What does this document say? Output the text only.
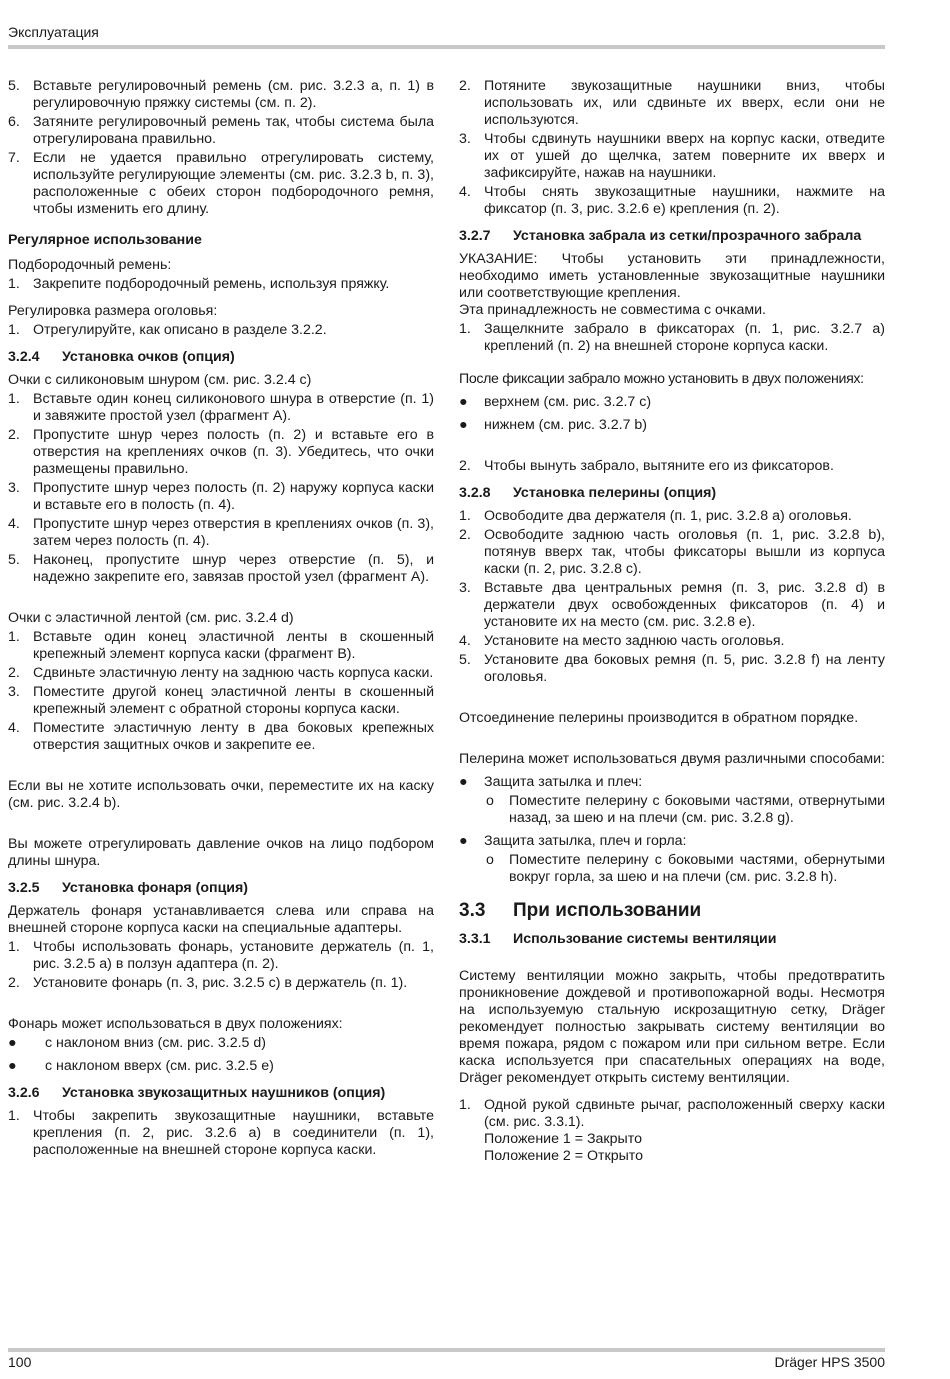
Эксплуатация
5. Вставьте регулировочный ремень (см. рис. 3.2.3 a, п. 1) в регулировочную пряжку системы (см. п. 2).
6. Затяните регулировочный ремень так, чтобы система была отрегулирована правильно.
7. Если не удается правильно отрегулировать систему, используйте регулирующие элементы (см. рис. 3.2.3 b, п. 3), расположенные с обеих сторон подбородочного ремня, чтобы изменить его длину.
Регулярное использование
Подбородочный ремень:
1. Закрепите подбородочный ремень, используя пряжку.
Регулировка размера оголовья:
1. Отрегулируйте, как описано в разделе 3.2.2.
3.2.4 Установка очков (опция)
Очки с силиконовым шнуром (см. рис. 3.2.4 c)
1. Вставьте один конец силиконового шнура в отверстие (п. 1) и завяжите простой узел (фрагмент A).
2. Пропустите шнур через полость (п. 2) и вставьте его в отверстия на креплениях очков (п. 3). Убедитесь, что очки размещены правильно.
3. Пропустите шнур через полость (п. 2) наружу корпуса каски и вставьте его в полость (п. 4).
4. Пропустите шнур через отверстия в креплениях очков (п. 3), затем через полость (п. 4).
5. Наконец, пропустите шнур через отверстие (п. 5), и надежно закрепите его, завязав простой узел (фрагмент A).
Очки с эластичной лентой (см. рис. 3.2.4 d)
1. Вставьте один конец эластичной ленты в скошенный крепежный элемент корпуса каски (фрагмент B).
2. Сдвиньте эластичную ленту на заднюю часть корпуса каски.
3. Поместите другой конец эластичной ленты в скошенный крепежный элемент с обратной стороны корпуса каски.
4. Поместите эластичную ленту в два боковых крепежных отверстия защитных очков и закрепите ее.

Если вы не хотите использовать очки, переместите их на каску (см. рис. 3.2.4 b).

Вы можете отрегулировать давление очков на лицо подбором длины шнура.

3.2.5 Установка фонаря (опция)

Держатель фонаря устанавливается слева или справа на внешней стороне корпуса каски на специальные адаптеры.

1. Чтобы использовать фонарь, установите держатель (п. 1, рис. 3.2.5 a) в ползун адаптера (п. 2).
2. Установите фонарь (п. 3, рис. 3.2.5 c) в держатель (п. 1).
Фонарь может использоваться в двух положениях:
● с наклоном вниз (см. рис. 3.2.5 d)
● с наклоном вверх (см. рис. 3.2.5 e)
3.2.6 Установка звукозащитных наушников (опция)
1. Чтобы закрепить звукозащитные наушники, вставьте крепления (п. 2, рис. 3.2.6 a) в соединители (п. 1), расположенные на внешней стороне корпуса каски.
2. Потяните звукозащитные наушники вниз, чтобы использовать их, или сдвиньте их вверх, если они не используются.
3. Чтобы сдвинуть наушники вверх на корпус каски, отведите их от ушей до щелчка, затем поверните их вверх и зафиксируйте, нажав на наушники.
4. Чтобы снять звукозащитные наушники, нажмите на фиксатор (п. 3, рис. 3.2.6 e) крепления (п. 2).
3.2.7 Установка забрала из сетки/прозрачного забрала

УКАЗАНИЕ: Чтобы установить эти принадлежности, необходимо иметь установленные звукозащитные наушники или соответствующие крепления.

Эта принадлежность не совместима с очками.
1. Защелкните забрало в фиксаторах (п. 1, рис. 3.2.7 a) креплений (п. 2) на внешней стороне корпуса каски.
После фиксации забрало можно установить в двух положениях:
● верхнем (см. рис. 3.2.7 c)
● нижнем (см. рис. 3.2.7 b)
2. Чтобы вынуть забрало, вытяните его из фиксаторов.
3.2.8 Установка пелерины (опция)
1. Освободите два держателя (п. 1, рис. 3.2.8 a) оголовья.
2. Освободите заднюю часть оголовья (п. 1, рис. 3.2.8 b), потянув вверх так, чтобы фиксаторы вышли из корпуса каски (п. 2, рис. 3.2.8 c).
3. Вставьте два центральных ремня (п. 3, рис. 3.2.8 d) в держатели двух освобожденных фиксаторов (п. 4) и установите их на место (см. рис. 3.2.8 e).
4. Установите на место заднюю часть оголовья.
5. Установите два боковых ремня (п. 5, рис. 3.2.8 f) на ленту оголовья.

Отсоединение пелерины производится в обратном порядке.

Пелерина может использоваться двумя различными способами:

● Защита затылка и плеч:
o Поместите пелерину с боковыми частями, отвернутыми назад, за шею и на плечи (см. рис. 3.2.8 g).
● Защита затылка, плеч и горла:
o Поместите пелерину с боковыми частями, обернутыми вокруг горла, за шею и на плечи (см. рис. 3.2.8 h).
3.3 При использовании
3.3.1 Использование системы вентиляции

Систему вентиляции можно закрыть, чтобы предотвратить проникновение дождевой и противопожарной воды. Несмотря на используемую стальную искрозащитную сетку, Dräger рекомендует полностью закрывать систему вентиляции во время пожара, рядом с пожаром или при сильном ветре. Если каска используется при спасательных операциях на воде, Dräger рекомендует открыть систему вентиляции.

1. Одной рукой сдвиньте рычаг, расположенный сверху каски (см. рис. 3.3.1).
Положение 1 = Закрыто
Положение 2 = Открыто
100	Dräger HPS 3500
